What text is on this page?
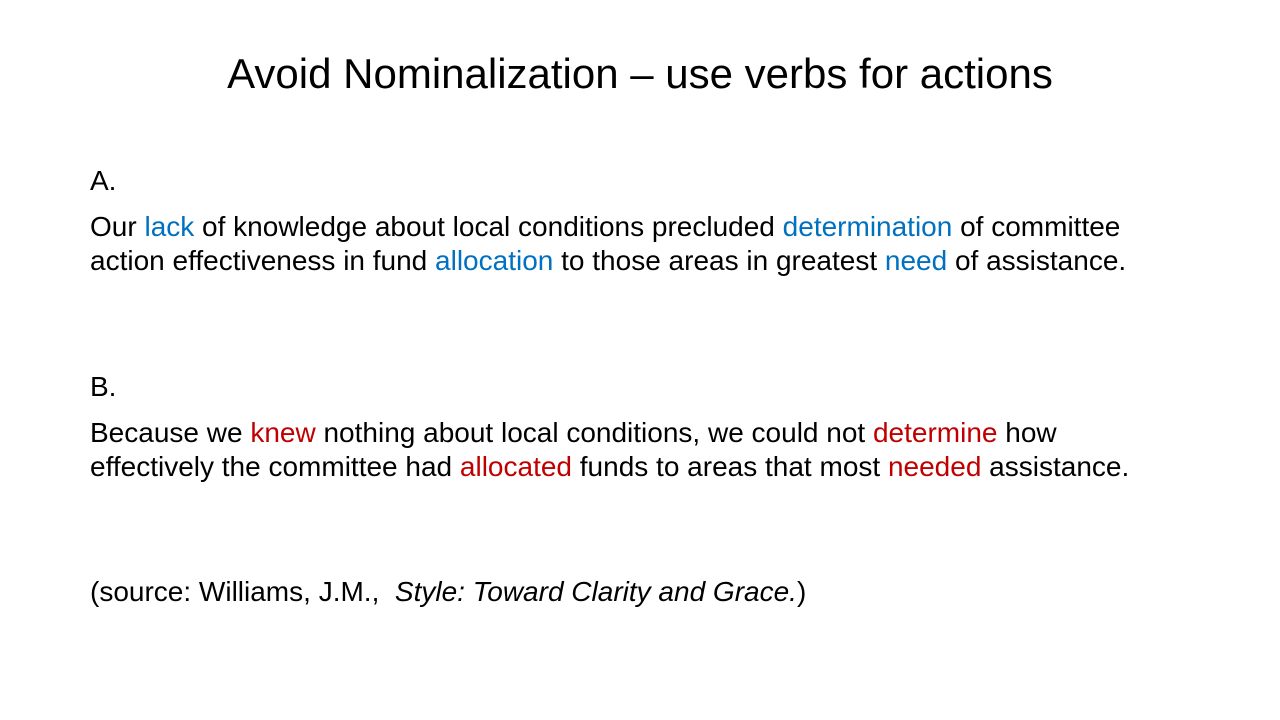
Avoid Nominalization – use verbs for actions
A.
Our lack of knowledge about local conditions precluded determination of committee action effectiveness in fund allocation to those areas in greatest need of assistance.
B.
Because we knew nothing about local conditions, we could not determine how effectively the committee had allocated funds to areas that most needed assistance.
(source: Williams, J.M.,  Style: Toward Clarity and Grace.)
